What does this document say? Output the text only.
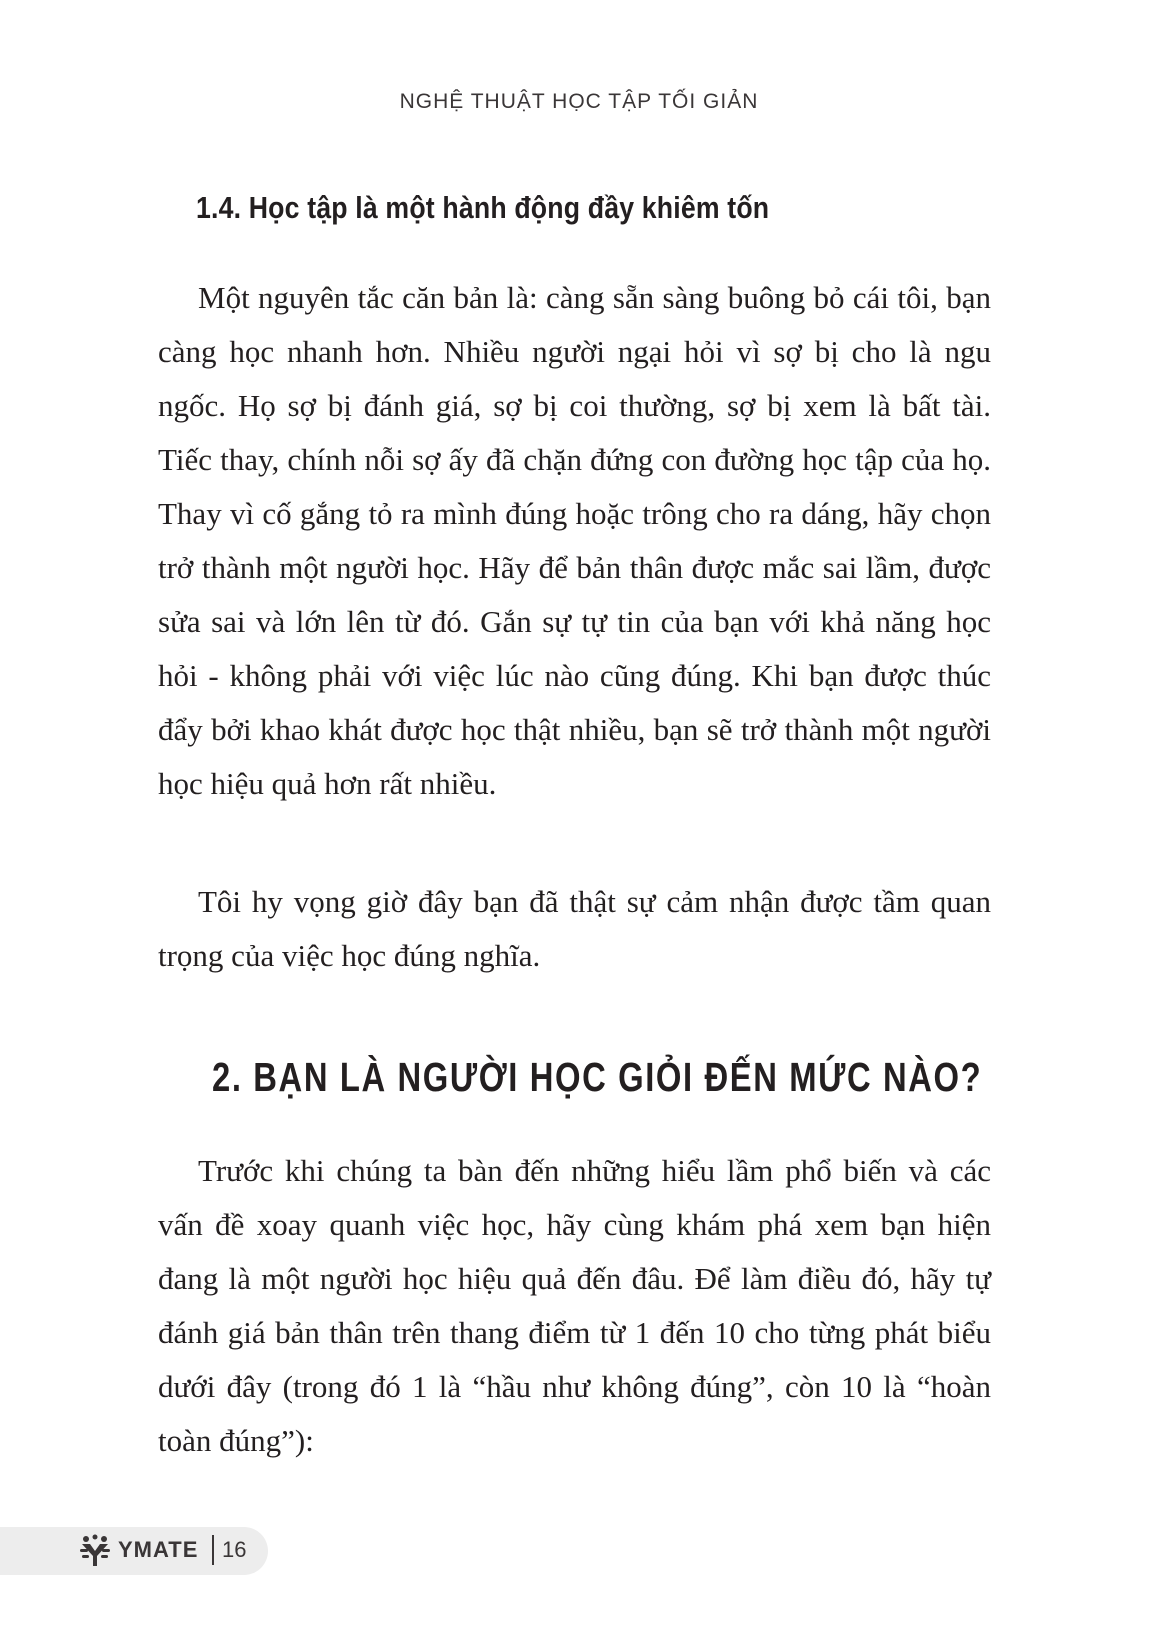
NGHỆ THUẬT HỌC TẬP TỐI GIẢN
1.4. Học tập là một hành động đầy khiêm tốn

Một nguyên tắc căn bản là: càng sẵn sàng buông bỏ cái tôi, bạn càng học nhanh hơn. Nhiều người ngại hỏi vì sợ bị cho là ngu ngốc. Họ sợ bị đánh giá, sợ bị coi thường, sợ bị xem là bất tài. Tiếc thay, chính nỗi sợ ấy đã chặn đứng con đường học tập của họ. Thay vì cố gắng tỏ ra mình đúng hoặc trông cho ra dáng, hãy chọn trở thành một người học. Hãy để bản thân được mắc sai lầm, được sửa sai và lớn lên từ đó. Gắn sự tự tin của bạn với khả năng học hỏi - không phải với việc lúc nào cũng đúng. Khi bạn được thúc đẩy bởi khao khát được học thật nhiều, bạn sẽ trở thành một người học hiệu quả hơn rất nhiều.

Tôi hy vọng giờ đây bạn đã thật sự cảm nhận được tầm quan trọng của việc học đúng nghĩa.

2. BẠN LÀ NGƯỜI HỌC GIỎI ĐẾN MỨC NÀO?

Trước khi chúng ta bàn đến những hiểu lầm phổ biến và các vấn đề xoay quanh việc học, hãy cùng khám phá xem bạn hiện đang là một người học hiệu quả đến đâu. Để làm điều đó, hãy tự đánh giá bản thân trên thang điểm từ 1 đến 10 cho từng phát biểu dưới đây (trong đó 1 là “hầu như không đúng”, còn 10 là “hoàn toàn đúng”):

YMATE 16
